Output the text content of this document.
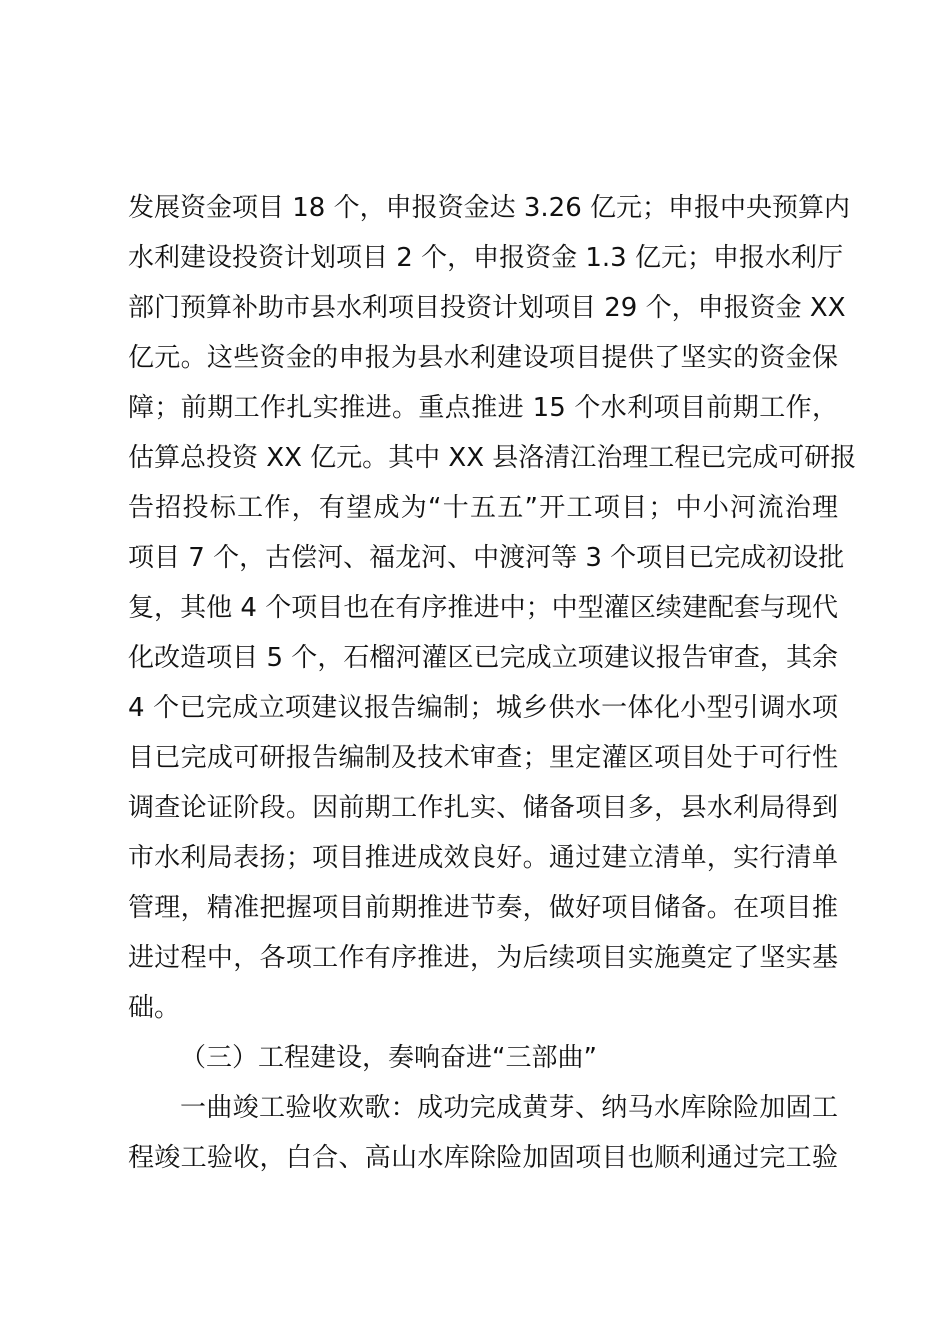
发展资金项目 18 个，申报资金达 3.26 亿元；申报中央预算内
水利建设投资计划项目 2 个，申报资金 1.3 亿元；申报水利厅
部门预算补助市县水利项目投资计划项目 29 个，申报资金 XX
亿元。这些资金的申报为县水利建设项目提供了坚实的资金保
障；前期工作扎实推进。重点推进 15 个水利项目前期工作，
估算总投资 XX 亿元。其中 XX 县洛清江治理工程已完成可研报
告招投标工作，有望成为“十五五”开工项目；中小河流治理
项目 7 个，古偿河、福龙河、中渡河等 3 个项目已完成初设批
复，其他 4 个项目也在有序推进中；中型灌区续建配套与现代
化改造项目 5 个，石榴河灌区已完成立项建议报告审查，其余
4 个已完成立项建议报告编制；城乡供水一体化小型引调水项
目已完成可研报告编制及技术审查；里定灌区项目处于可行性
调查论证阶段。因前期工作扎实、储备项目多，县水利局得到
市水利局表扬；项目推进成效良好。通过建立清单，实行清单
管理，精准把握项目前期推进节奏，做好项目储备。在项目推
进过程中，各项工作有序推进，为后续项目实施奠定了坚实基
础。
（三）工程建设，奏响奋进“三部曲”
一曲竣工验收欢歌：成功完成黄芽、纳马水库除险加固工
程竣工验收，白合、高山水库除险加固项目也顺利通过完工验
